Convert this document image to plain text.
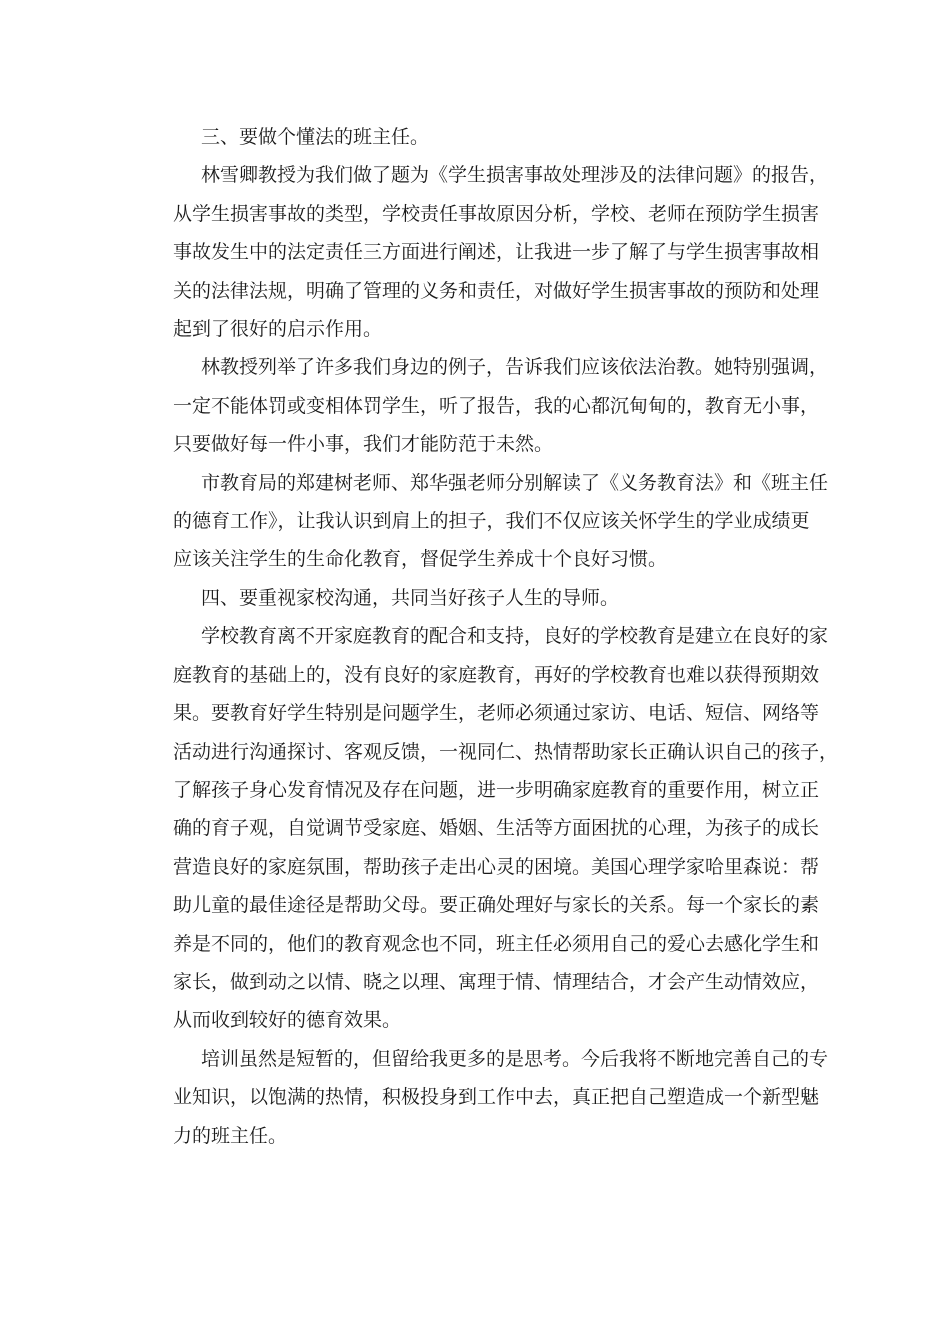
三、要做个懂法的班主任。
林雪卿教授为我们做了题为《学生损害事故处理涉及的法律问题》的报告，
从学生损害事故的类型，学校责任事故原因分析，学校、老师在预防学生损害
事故发生中的法定责任三方面进行阐述，让我进一步了解了与学生损害事故相
关的法律法规，明确了管理的义务和责任，对做好学生损害事故的预防和处理
起到了很好的启示作用。
林教授列举了许多我们身边的例子，告诉我们应该依法治教。她特别强调，
一定不能体罚或变相体罚学生，听了报告，我的心都沉甸甸的，教育无小事，
只要做好每一件小事，我们才能防范于未然。
市教育局的郑建树老师、郑华强老师分别解读了《义务教育法》和《班主任
的德育工作》，让我认识到肩上的担子，我们不仅应该关怀学生的学业成绩更
应该关注学生的生命化教育，督促学生养成十个良好习惯。
四、要重视家校沟通，共同当好孩子人生的导师。
学校教育离不开家庭教育的配合和支持，良好的学校教育是建立在良好的家
庭教育的基础上的，没有良好的家庭教育，再好的学校教育也难以获得预期效
果。要教育好学生特别是问题学生，老师必须通过家访、电话、短信、网络等
活动进行沟通探讨、客观反馈，一视同仁、热情帮助家长正确认识自己的孩子，
了解孩子身心发育情况及存在问题，进一步明确家庭教育的重要作用，树立正
确的育子观，自觉调节受家庭、婚姻、生活等方面困扰的心理，为孩子的成长
营造良好的家庭氛围，帮助孩子走出心灵的困境。美国心理学家哈里森说：帮
助儿童的最佳途径是帮助父母。要正确处理好与家长的关系。每一个家长的素
养是不同的，他们的教育观念也不同，班主任必须用自己的爱心去感化学生和
家长，做到动之以情、晓之以理、寓理于情、情理结合，才会产生动情效应，
从而收到较好的德育效果。
培训虽然是短暂的，但留给我更多的是思考。今后我将不断地完善自己的专
业知识，以饱满的热情，积极投身到工作中去，真正把自己塑造成一个新型魅
力的班主任。
